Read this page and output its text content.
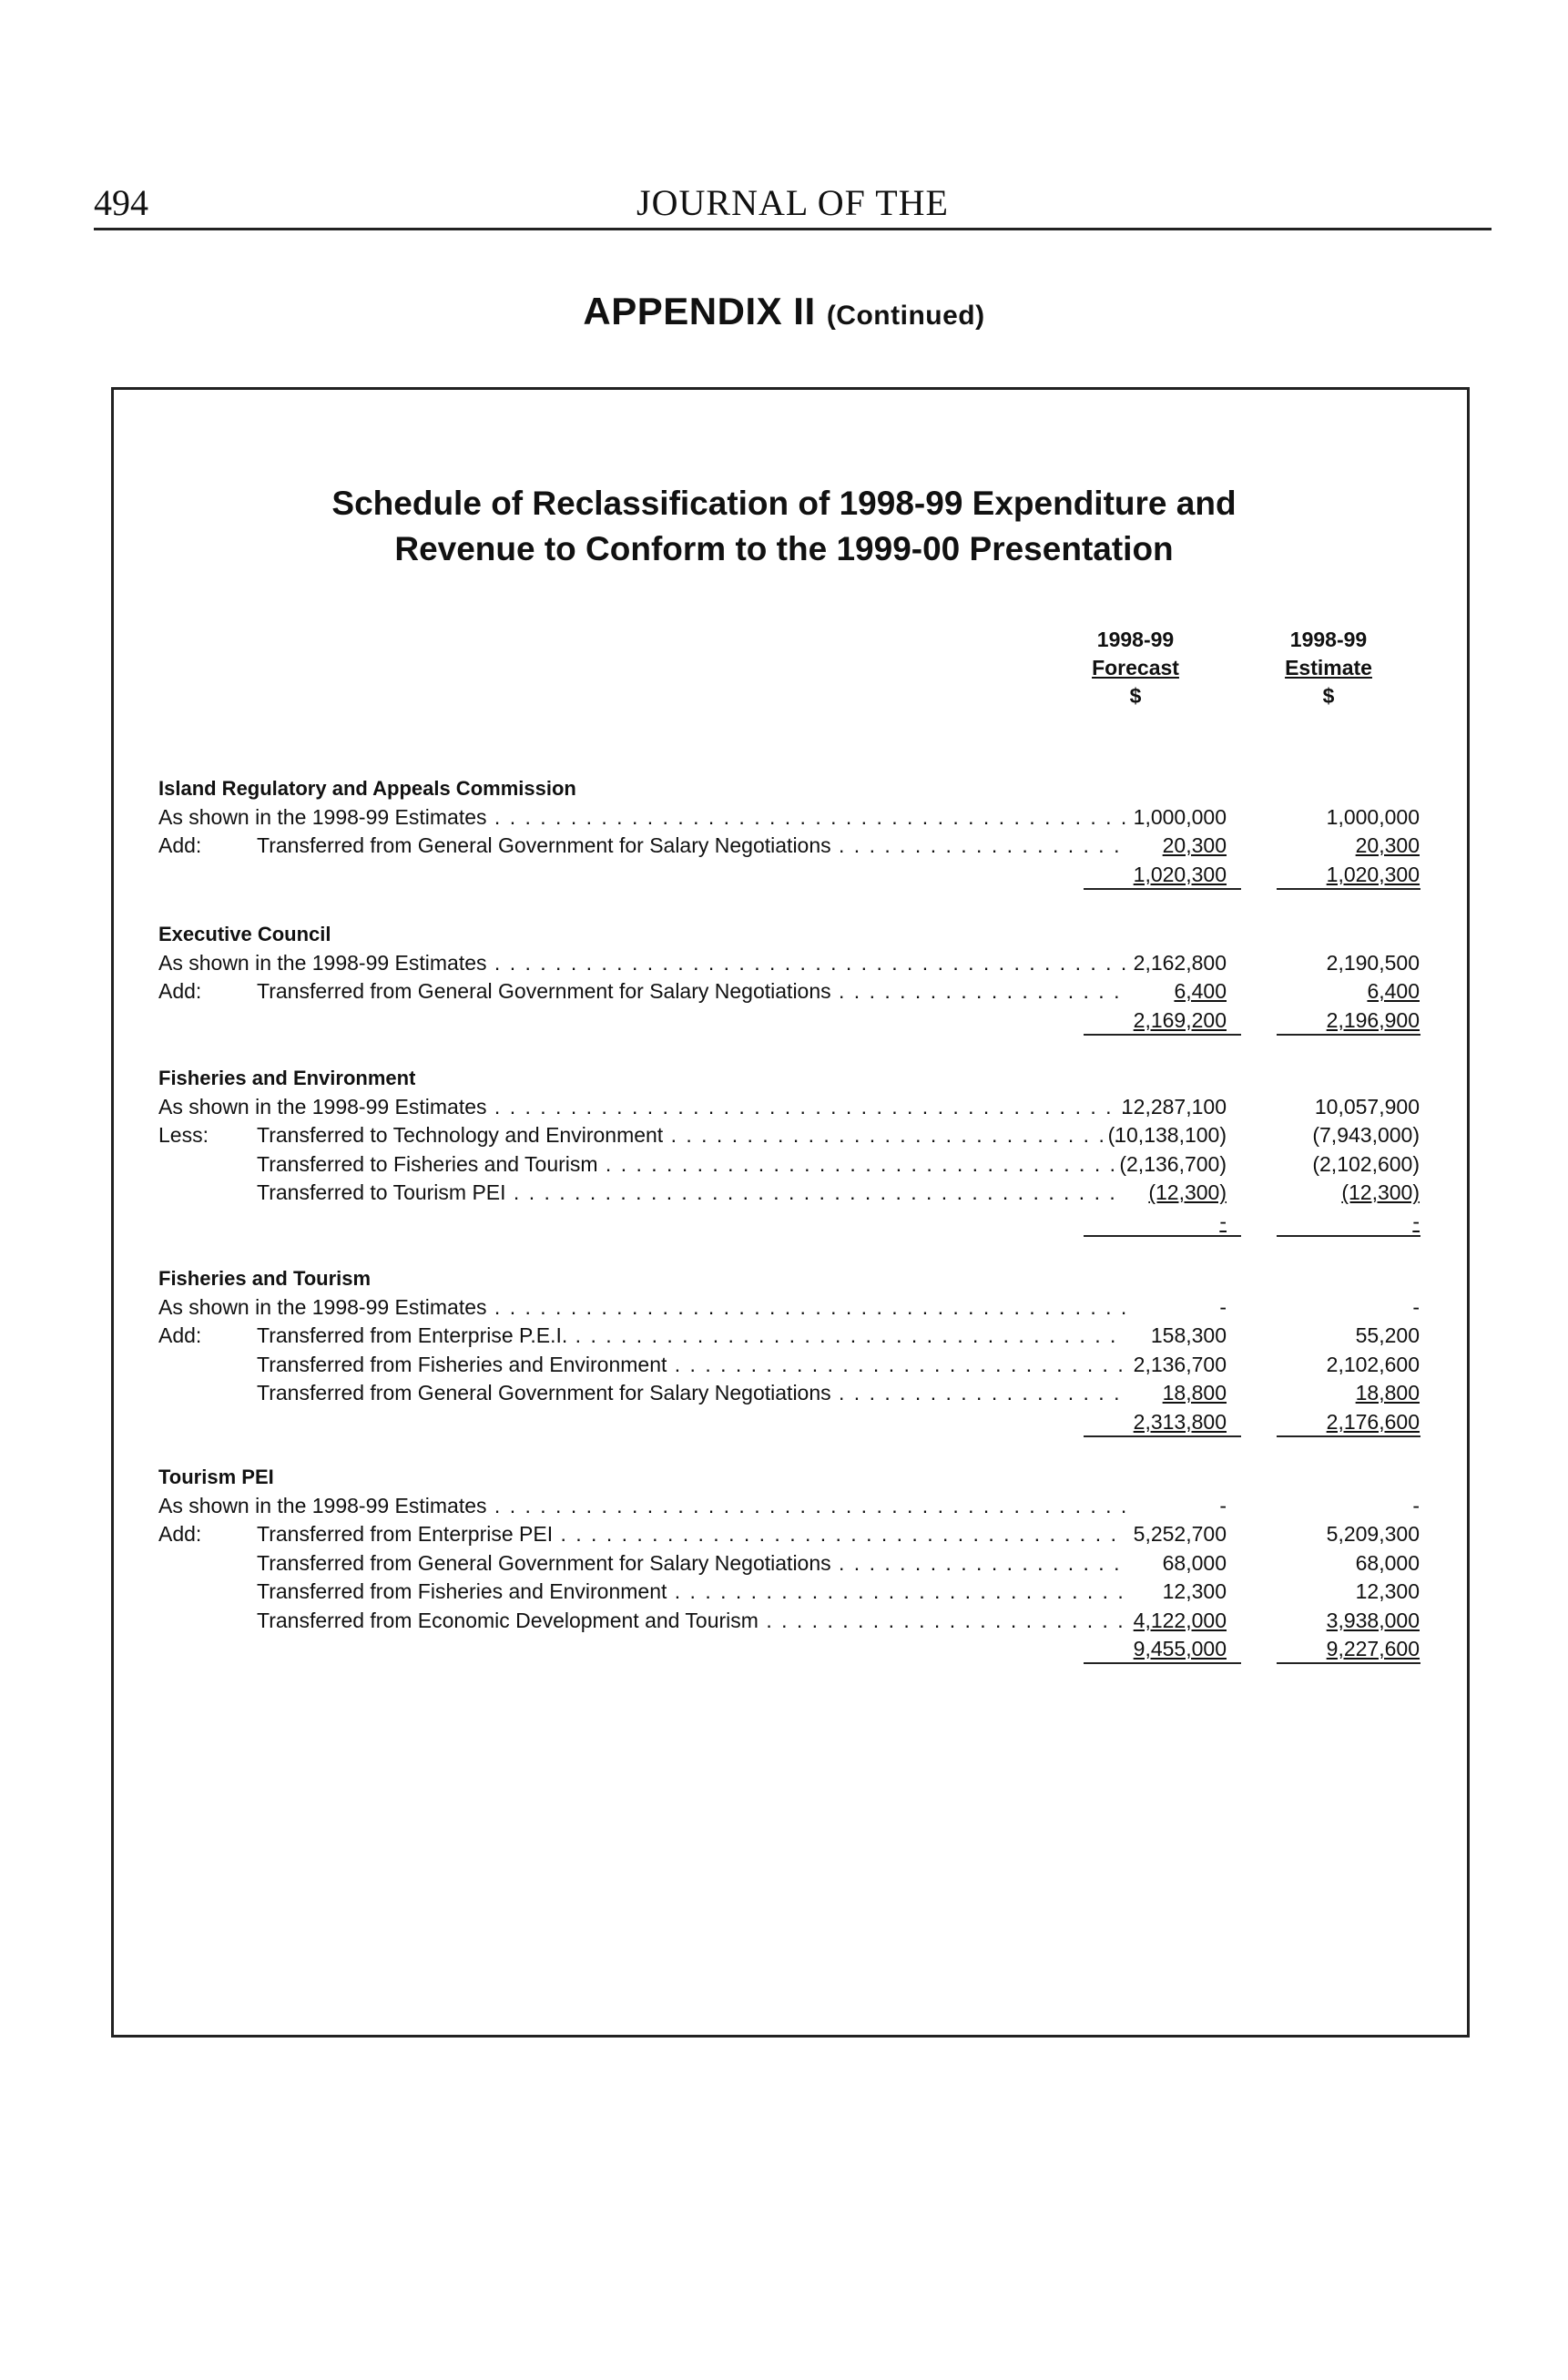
494	JOURNAL OF THE
APPENDIX II (Continued)
Schedule of Reclassification of 1998-99 Expenditure and
Revenue to Conform to the 1999-00 Presentation
1998-99
Forecast
$
1998-99
Estimate
$
Island Regulatory and Appeals Commission
As shown in the 1998-99 Estimates . . .	1,000,000	1,000,000
Add:	Transferred from General Government for Salary Negotiations . . .	20,300	20,300
1,020,300	1,020,300
Executive Council
As shown in the 1998-99 Estimates . . .	2,162,800	2,190,500
Add:	Transferred from General Government for Salary Negotiations . . .	6,400	6,400
2,169,200	2,196,900
Fisheries and Environment
As shown in the 1998-99 Estimates . . .	12,287,100	10,057,900
Less: Transferred to Technology and Environment . . .	(10,138,100)	(7,943,000)
Transferred to Fisheries and Tourism . . .	(2,136,700)	(2,102,600)
Transferred to Tourism PEI . . .	(12,300)	(12,300)
-	-
Fisheries and Tourism
As shown in the 1998-99 Estimates . . .	-	-
Add:	Transferred from Enterprise P.E.I. . . .	158,300	55,200
Transferred from Fisheries and Environment . . .	2,136,700	2,102,600
Transferred from General Government for Salary Negotiations . . .	18,800	18,800
2,313,800	2,176,600
Tourism PEI
As shown in the 1998-99 Estimates . . .	-	-
Add:	Transferred from Enterprise PEI . . .	5,252,700	5,209,300
Transferred from General Government for Salary Negotiations . . .	68,000	68,000
Transferred from Fisheries and Environment . . .	12,300	12,300
Transferred from Economic Development and Tourism . . .	4,122,000	3,938,000
9,455,000	9,227,600
